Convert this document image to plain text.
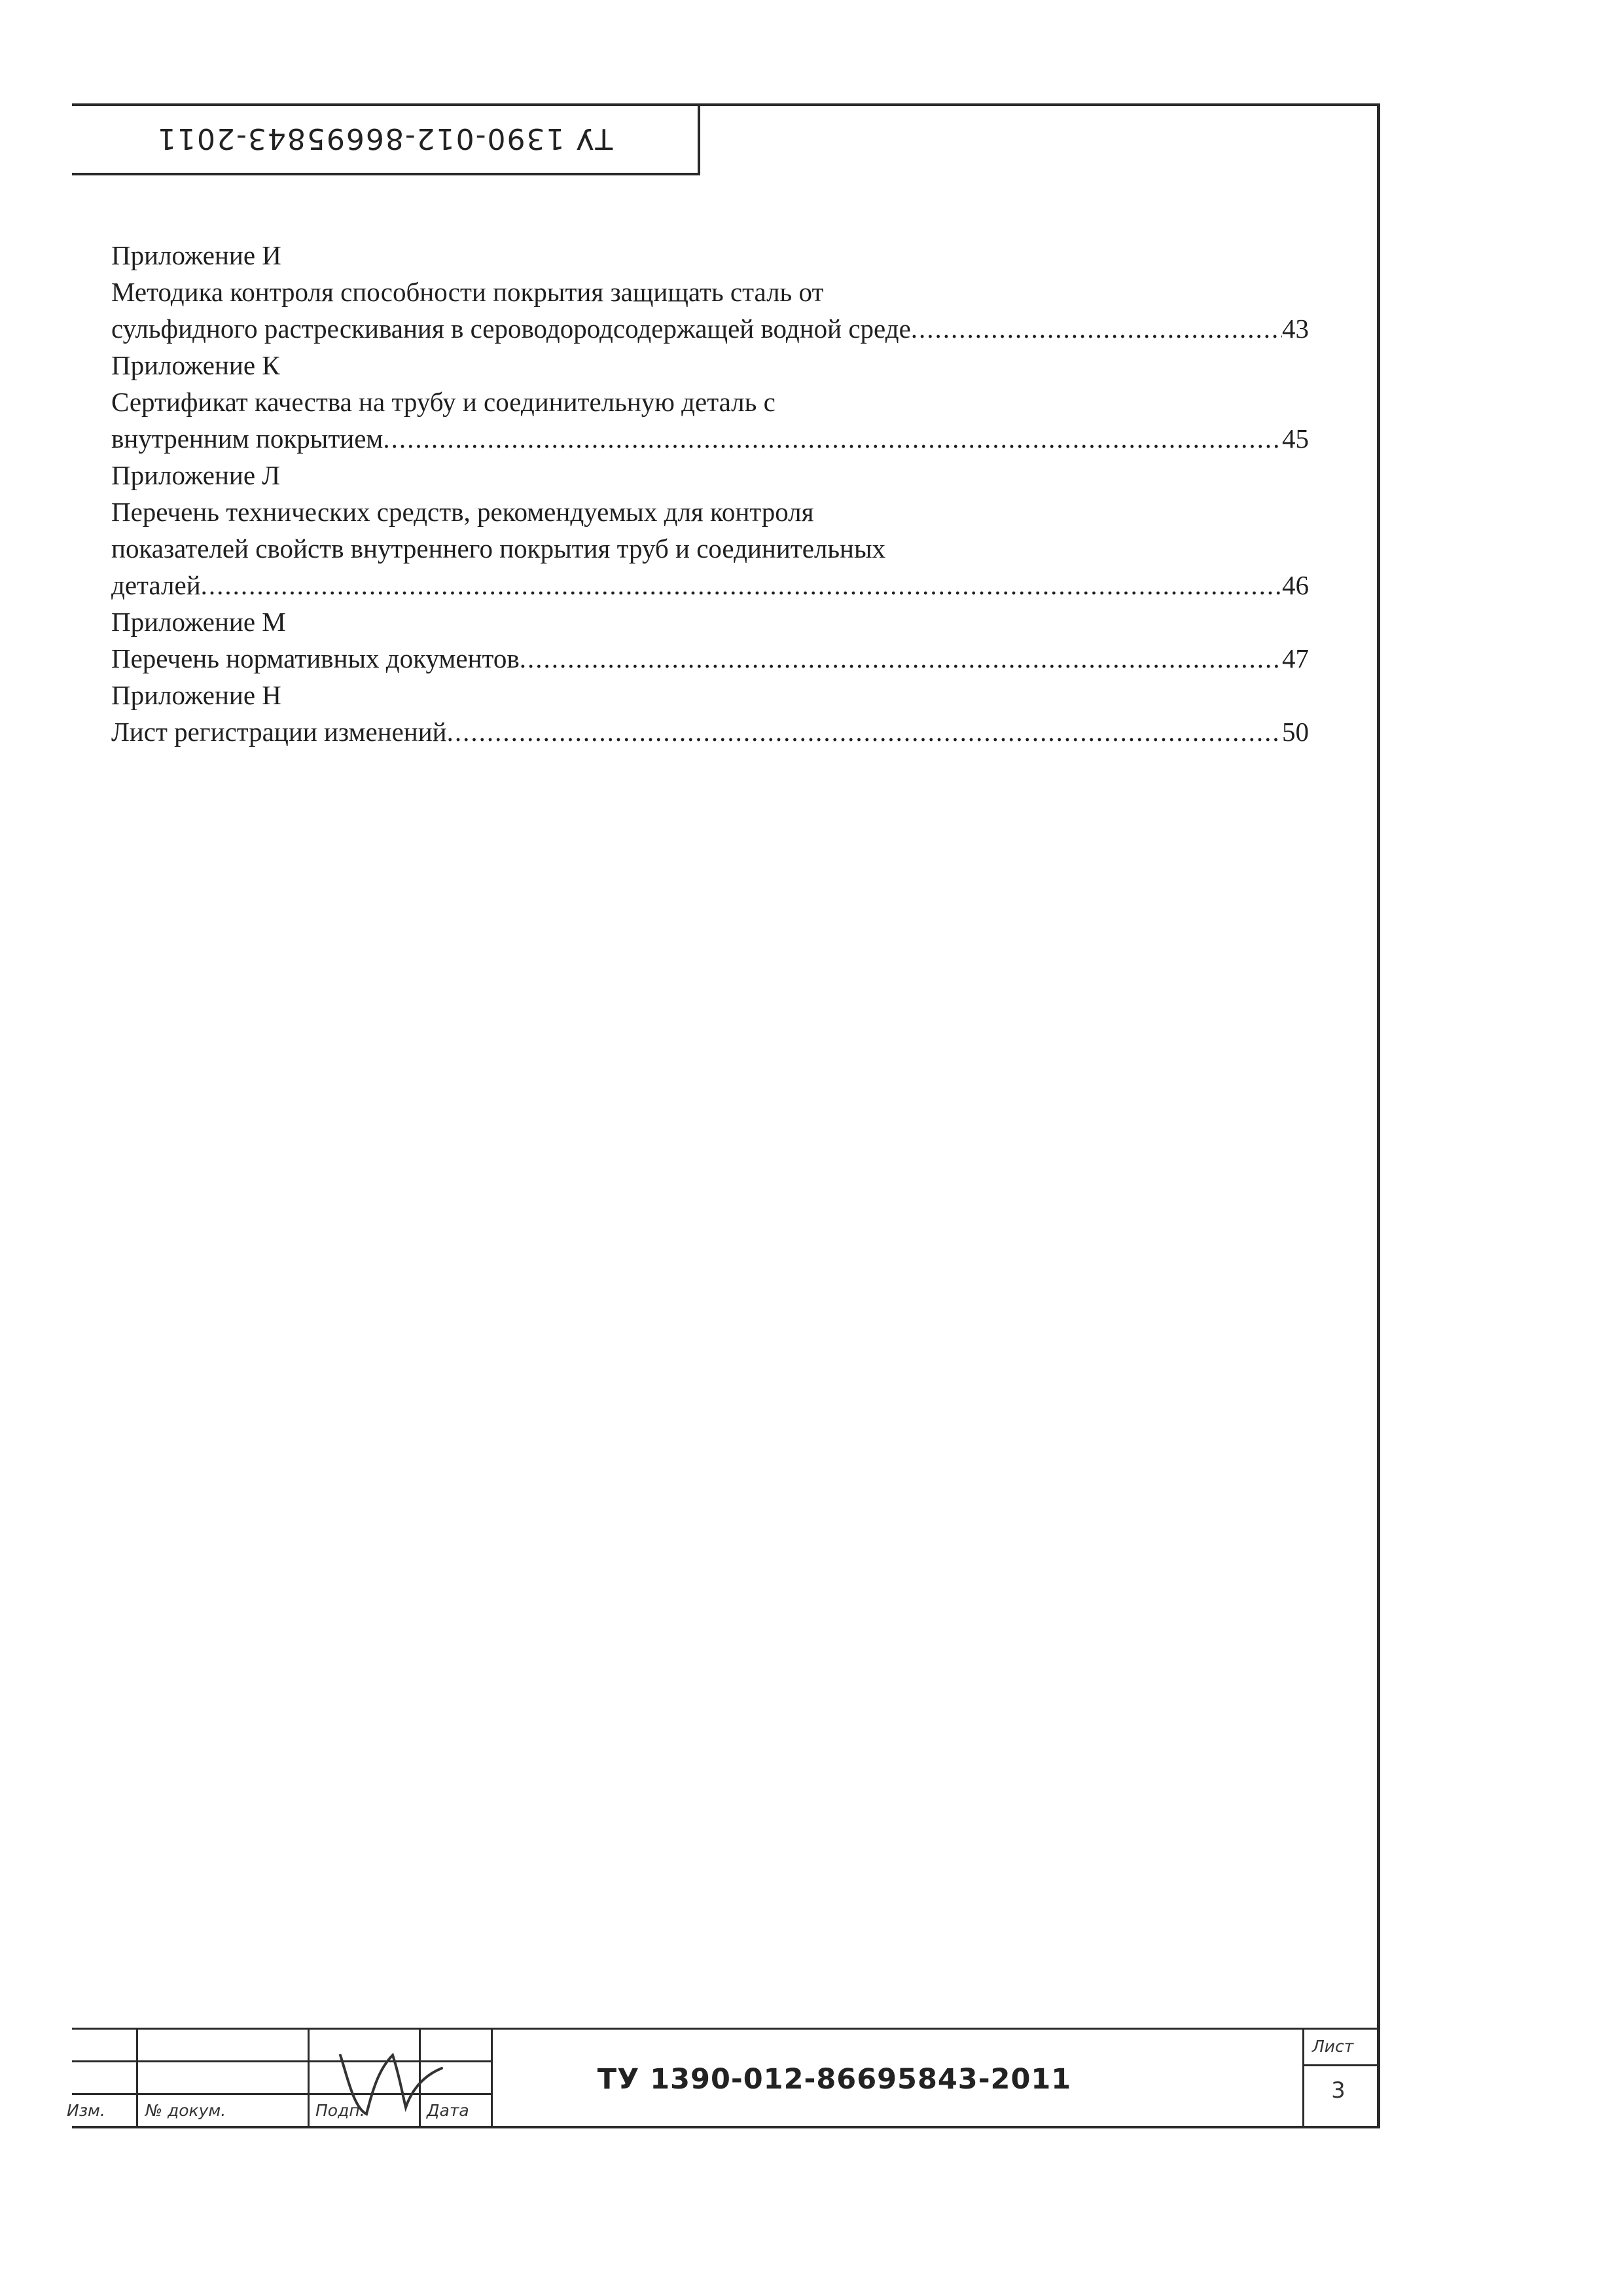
ТУ 1390-012-86695843-2011
Приложение И
Методика контроля способности покрытия защищать сталь от
сульфидного растрескивания в сероводородсодержащей водной среде .....	43
Приложение К
Сертификат качества на трубу и соединительную деталь с
внутренним покрытием .....	45
Приложение Л
Перечень технических средств, рекомендуемых для контроля
показателей свойств внутреннего покрытия труб и соединительных
деталей .....	46
Приложение М
Перечень нормативных документов .....	47
Приложение Н
Лист регистрации изменений .....	50
Изм. № докум.	Подп.	Дата
ТУ 1390-012-86695843-2011
Лист
3
